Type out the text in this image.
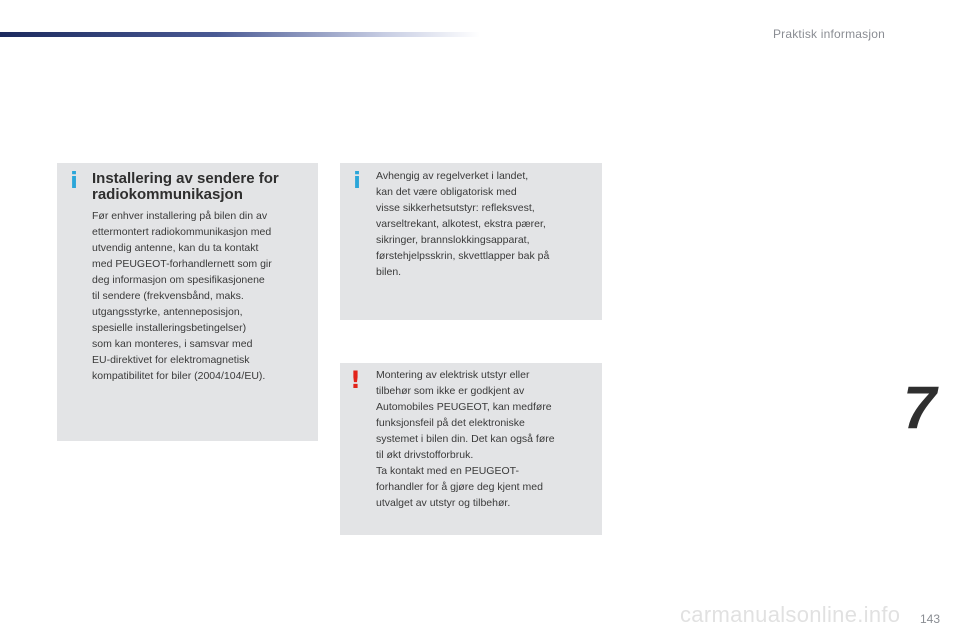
Praktisk informasjon
i Installering av sendere for radiokommunikasjon
Før enhver installering på bilen din av
ettermontert radiokommunikasjon med
utvendig antenne, kan du ta kontakt
med PEUGEOT-forhandlernett som gir
deg informasjon om spesifikasjonene
til sendere (frekvensbånd, maks.
utgangsstyrke, antenneposisjon,
spesielle installeringsbetingelser)
som kan monteres, i samsvar med
EU-direktivet for elektromagnetisk
kompatibilitet for biler (2004/104/EU).
i Avhengig av regelverket i landet,
kan det være obligatorisk med
visse sikkerhetsutstyr: refleksvest,
varseltrekant, alkotest, ekstra pærer,
sikringer, brannslokkingsapparat,
førstehjelpsskrin, skvettlapper bak på
bilen.
! Montering av elektrisk utstyr eller
tilbehør som ikke er godkjent av
Automobiles PEUGEOT, kan medføre
funksjonsfeil på det elektroniske
systemet i bilen din. Det kan også føre
til økt drivstofforbruk.
Ta kontakt med en PEUGEOT-
forhandler for å gjøre deg kjent med
utvalget av utstyr og tilbehør.
7
143
carmanualsonline.info
